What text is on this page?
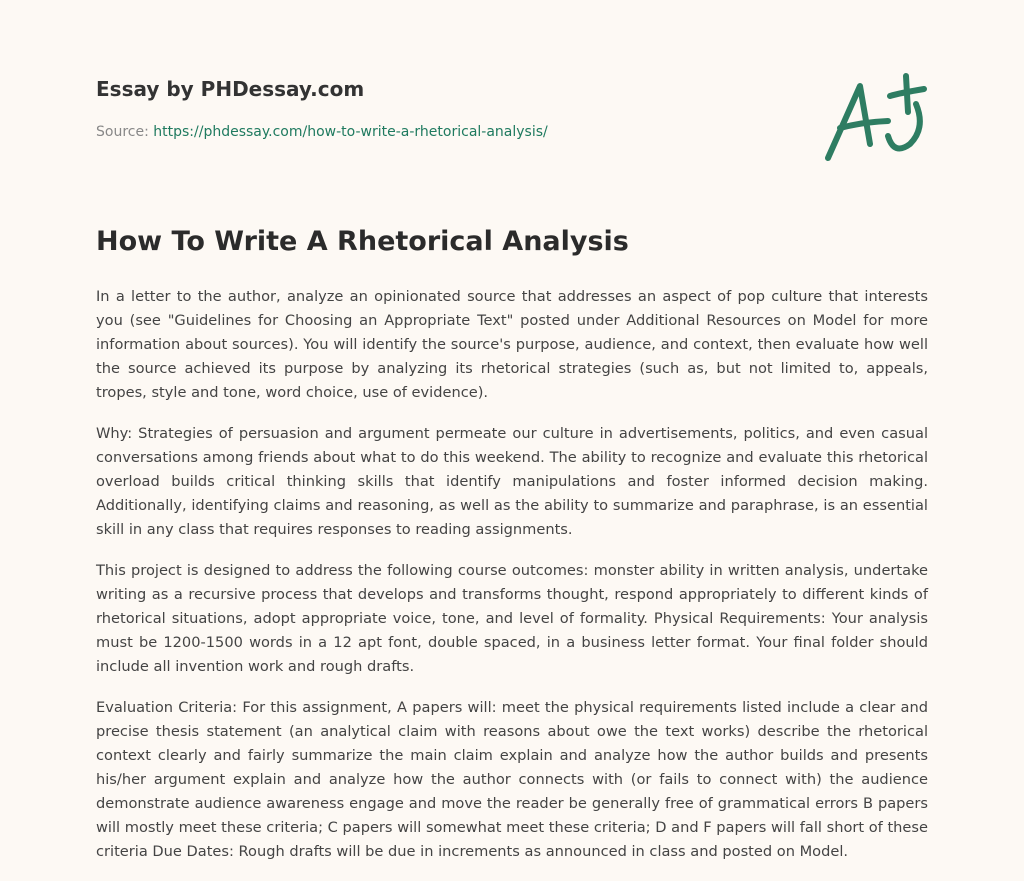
Essay by PHDessay.com
Source: https://phdessay.com/how-to-write-a-rhetorical-analysis/
How To Write A Rhetorical Analysis

In a letter to the author, analyze an opinionated source that addresses an aspect of pop culture that interests you (see "Guidelines for Choosing an Appropriate Text" posted under Additional Resources on Model for more information about sources). You will identify the source's purpose, audience, and context, then evaluate how well the source achieved its purpose by analyzing its rhetorical strategies (such as, but not limited to, appeals, tropes, style and tone, word choice, use of evidence).

Why: Strategies of persuasion and argument permeate our culture in advertisements, politics, and even casual conversations among friends about what to do this weekend. The ability to recognize and evaluate this rhetorical overload builds critical thinking skills that identify manipulations and foster informed decision making. Additionally, identifying claims and reasoning, as well as the ability to summarize and paraphrase, is an essential skill in any class that requires responses to reading assignments.

This project is designed to address the following course outcomes: monster ability in written analysis, undertake writing as a recursive process that develops and transforms thought, respond appropriately to different kinds of rhetorical situations, adopt appropriate voice, tone, and level of formality. Physical Requirements: Your analysis must be 1200-1500 words in a 12 apt font, double spaced, in a business letter format. Your final folder should include all invention work and rough drafts.

Evaluation Criteria: For this assignment, A papers will: meet the physical requirements listed include a clear and precise thesis statement (an analytical claim with reasons about owe the text works) describe the rhetorical context clearly and fairly summarize the main claim explain and analyze how the author builds and presents his/her argument explain and analyze how the author connects with (or fails to connect with) the audience demonstrate audience awareness engage and move the reader be generally free of grammatical errors B papers will mostly meet these criteria; C papers will somewhat meet these criteria; D and F papers will fall short of these criteria Due Dates: Rough drafts will be due in increments as announced in class and posted on Model.
